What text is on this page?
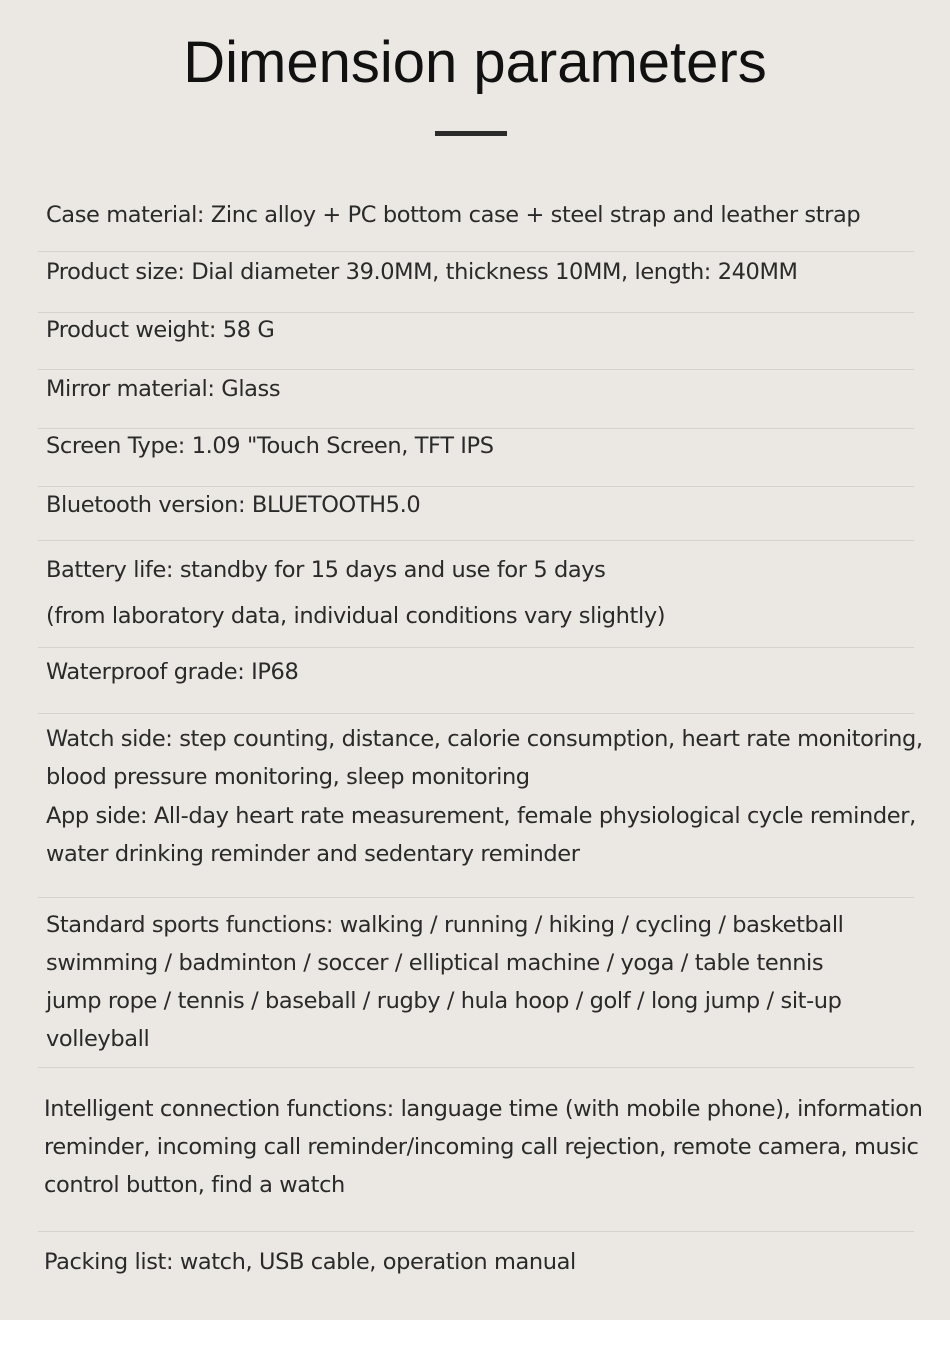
Dimension parameters
Case material: Zinc alloy + PC bottom case + steel strap and leather strap
Product size: Dial diameter 39.0MM, thickness 10MM, length: 240MM
Product weight: 58 G
Mirror material: Glass
Screen Type: 1.09 "Touch Screen, TFT IPS
Bluetooth version: BLUETOOTH5.0
Battery life: standby for 15 days and use for 5 days
(from laboratory data, individual conditions vary slightly)
Waterproof grade: IP68
Watch side: step counting, distance, calorie consumption, heart rate monitoring,
blood pressure monitoring, sleep monitoring
App side: All-day heart rate measurement, female physiological cycle reminder,
water drinking reminder and sedentary reminder
Standard sports functions: walking / running / hiking / cycling / basketball
swimming / badminton / soccer / elliptical machine / yoga / table tennis
jump rope / tennis / baseball / rugby / hula hoop / golf / long jump / sit-up
volleyball
Intelligent connection functions: language time (with mobile phone), information
reminder, incoming call reminder/incoming call rejection, remote camera, music
control button, find a watch
Packing list: watch, USB cable, operation manual
